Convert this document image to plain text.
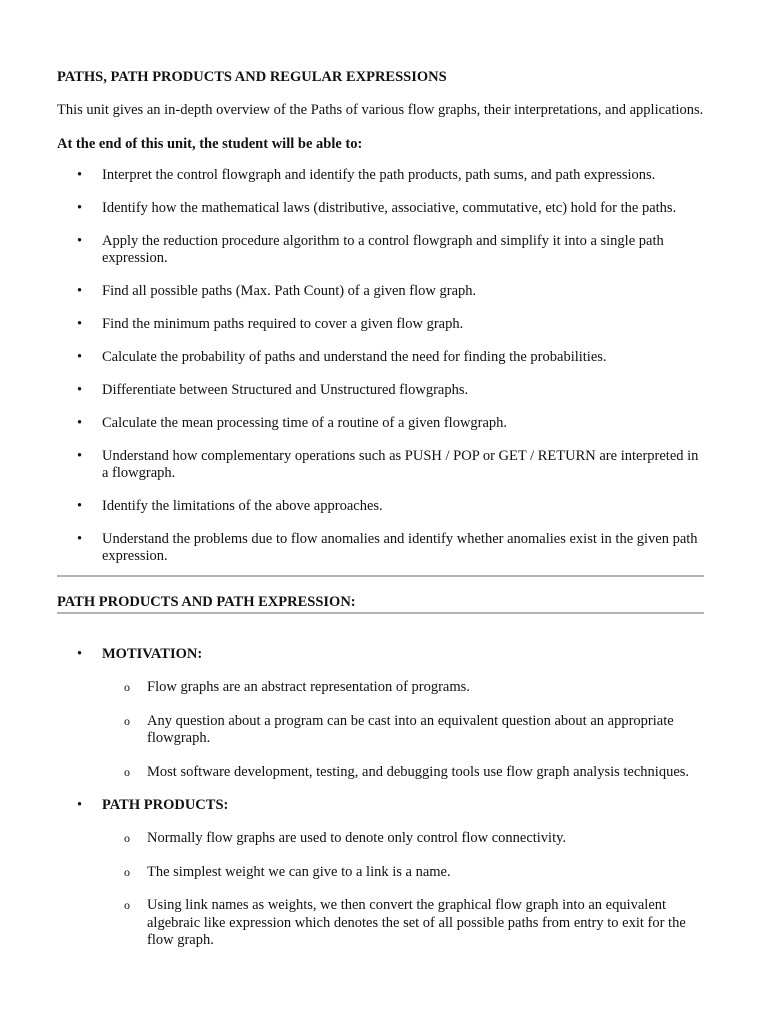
PATHS, PATH PRODUCTS AND REGULAR EXPRESSIONS

This unit gives an in-depth overview of the Paths of various flow graphs, their interpretations, and applications.

At the end of this unit, the student will be able to:
• Interpret the control flowgraph and identify the path products, path sums, and path expressions.
• Identify how the mathematical laws (distributive, associative, commutative, etc) hold for the paths.
• Apply the reduction procedure algorithm to a control flowgraph and simplify it into a single path expression.
• Find all possible paths (Max. Path Count) of a given flow graph.
• Find the minimum paths required to cover a given flow graph.
• Calculate the probability of paths and understand the need for finding the probabilities.
• Differentiate between Structured and Unstructured flowgraphs.
• Calculate the mean processing time of a routine of a given flowgraph.
• Understand how complementary operations such as PUSH / POP or GET / RETURN are interpreted in a flowgraph.
• Identify the limitations of the above approaches.
• Understand the problems due to flow anomalies and identify whether anomalies exist in the given path expression.
PATH PRODUCTS AND PATH EXPRESSION:
• MOTIVATION:
o Flow graphs are an abstract representation of programs.
o Any question about a program can be cast into an equivalent question about an appropriate flowgraph.
o Most software development, testing, and debugging tools use flow graph analysis techniques.
• PATH PRODUCTS:
o Normally flow graphs are used to denote only control flow connectivity.
o The simplest weight we can give to a link is a name.
o Using link names as weights, we then convert the graphical flow graph into an equivalent algebraic like expression which denotes the set of all possible paths from entry to exit for the flow graph.
